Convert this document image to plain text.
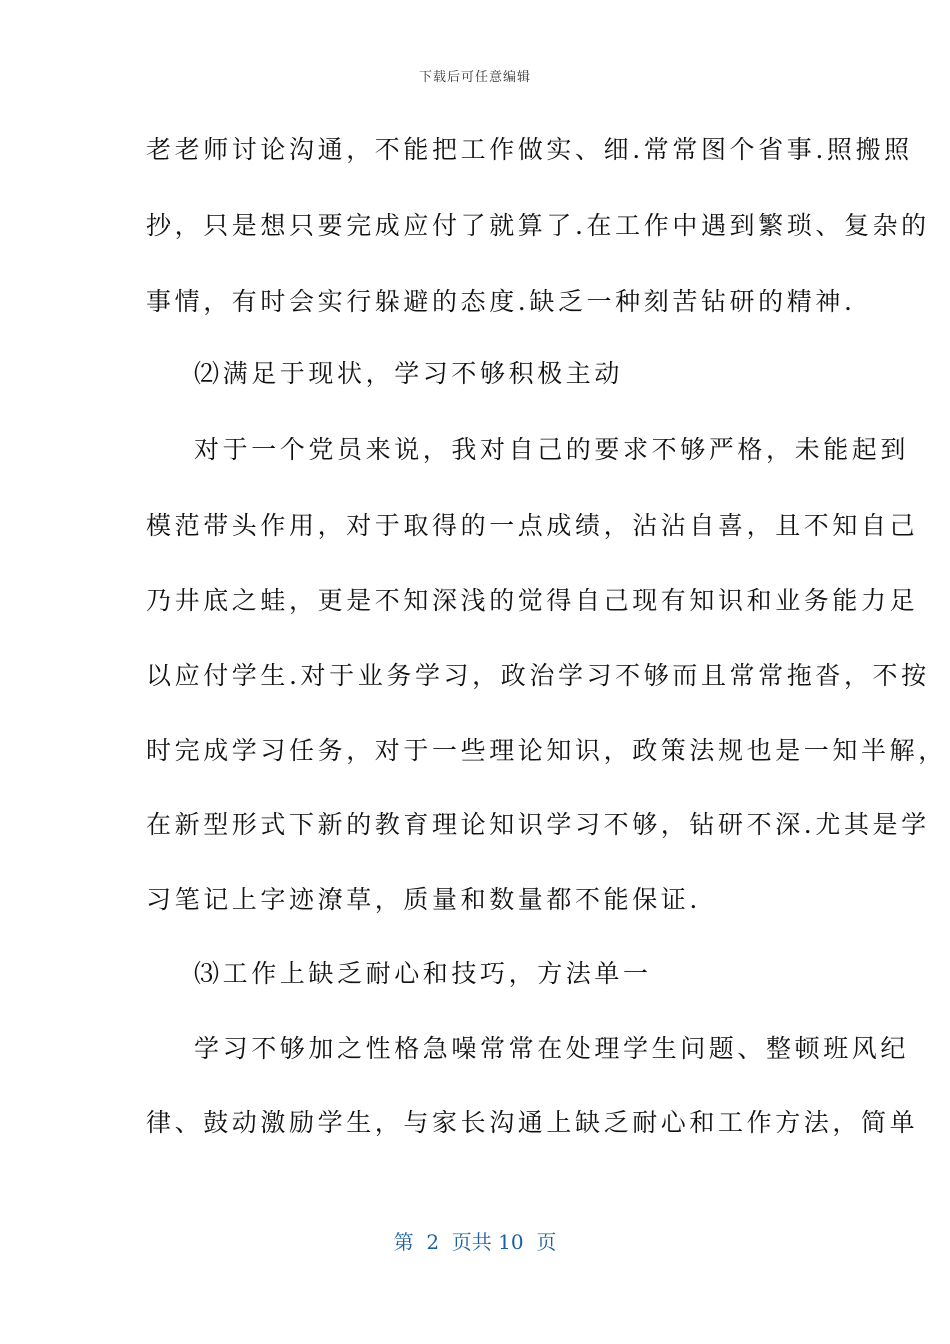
下载后可任意编辑
老老师讨论沟通，不能把工作做实、细.常常图个省事.照搬照
抄，只是想只要完成应付了就算了.在工作中遇到繁琐、复杂的
事情，有时会实行躲避的态度.缺乏一种刻苦钻研的精神.
⑵满足于现状，学习不够积极主动
对于一个党员来说，我对自己的要求不够严格，未能起到
模范带头作用，对于取得的一点成绩，沾沾自喜，且不知自己
乃井底之蛙，更是不知深浅的觉得自己现有知识和业务能力足
以应付学生.对于业务学习，政治学习不够而且常常拖沓，不按
时完成学习任务，对于一些理论知识，政策法规也是一知半解，
在新型形式下新的教育理论知识学习不够，钻研不深.尤其是学
习笔记上字迹潦草，质量和数量都不能保证.
⑶工作上缺乏耐心和技巧，方法单一
学习不够加之性格急噪常常在处理学生问题、整顿班风纪
律、鼓动激励学生，与家长沟通上缺乏耐心和工作方法，简单
第  2  页共 10  页
